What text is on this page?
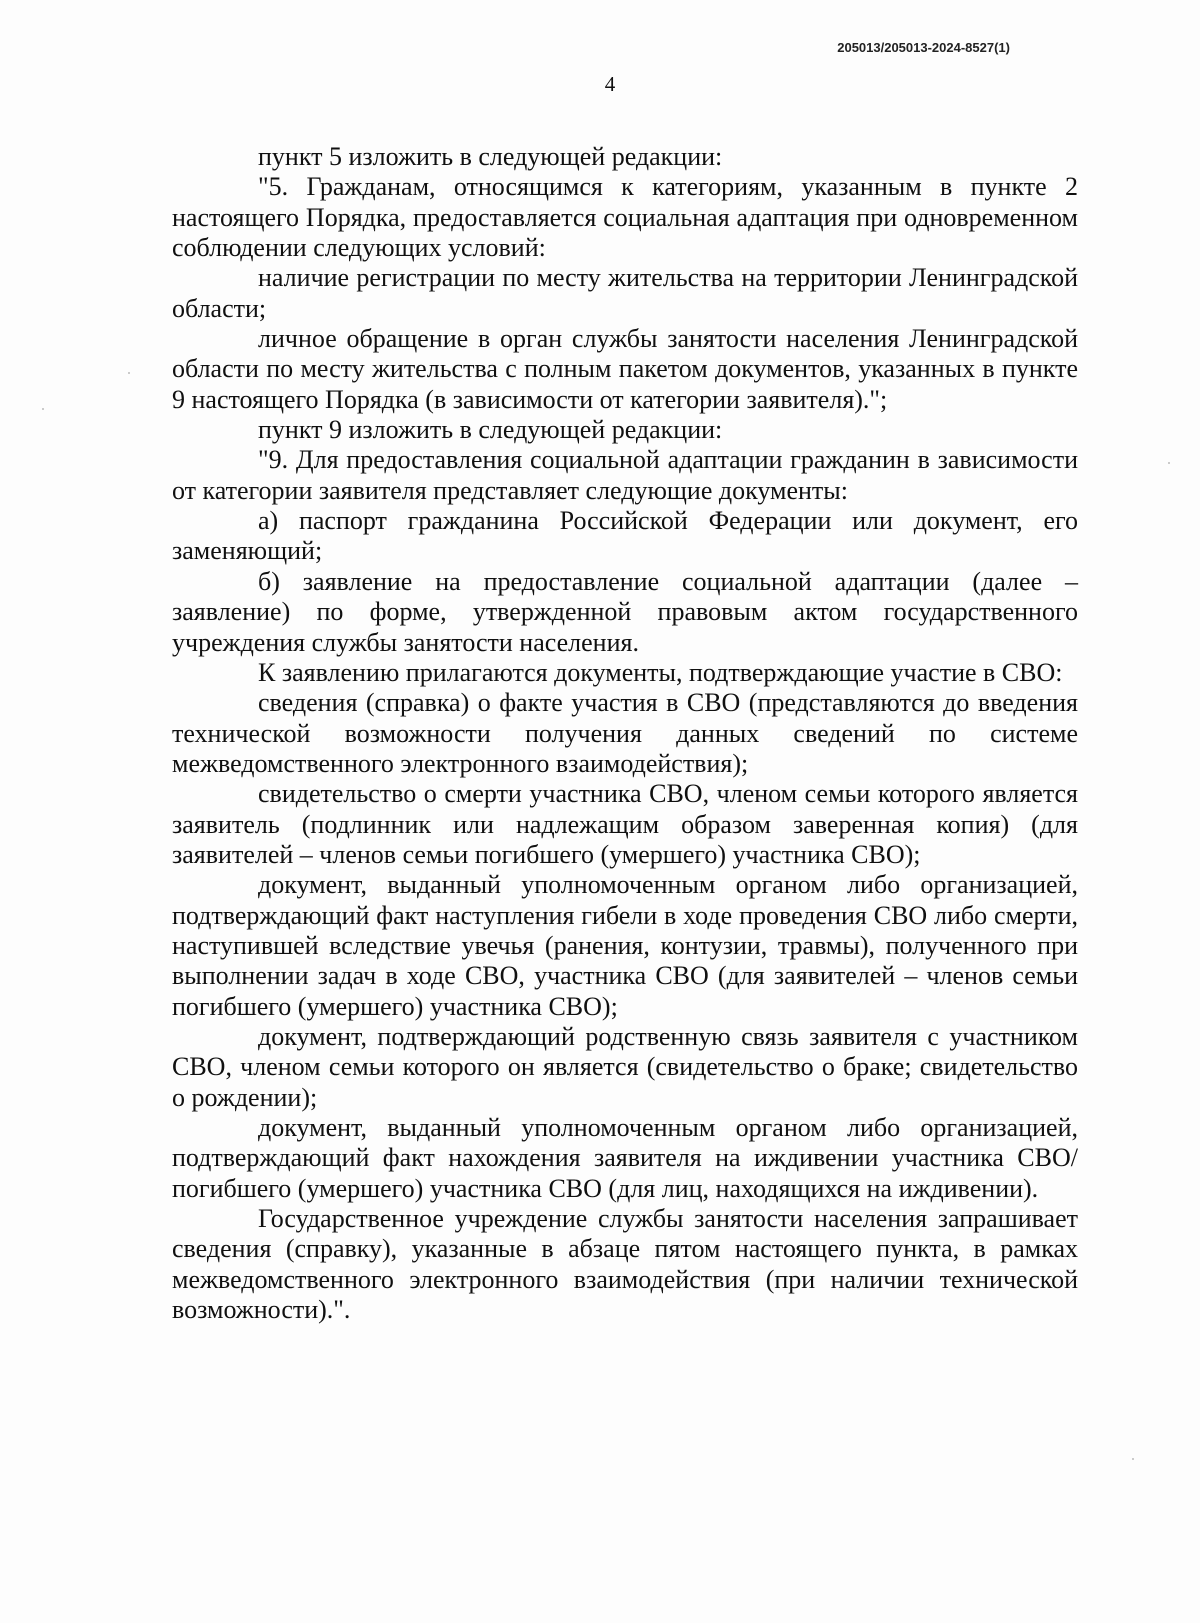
205013/205013-2024-8527(1)
4

пункт 5 изложить в следующей редакции:

"5. Гражданам, относящимся к категориям, указанным в пункте 2 настоящего Порядка, предоставляется социальная адаптация при одновременном соблюдении следующих условий:

наличие регистрации по месту жительства на территории Ленинградской области;

личное обращение в орган службы занятости населения Ленинградской области по месту жительства с полным пакетом документов, указанных в пункте 9 настоящего Порядка (в зависимости от категории заявителя).";

пункт 9 изложить в следующей редакции:

"9. Для предоставления социальной адаптации гражданин в зависимости от категории заявителя представляет следующие документы:

а) паспорт гражданина Российской Федерации или документ, его заменяющий;

б) заявление на предоставление социальной адаптации (далее – заявление) по форме, утвержденной правовым актом государственного учреждения службы занятости населения.

К заявлению прилагаются документы, подтверждающие участие в СВО:

сведения (справка) о факте участия в СВО (представляются до введения технической возможности получения данных сведений по системе межведомственного электронного взаимодействия);

свидетельство о смерти участника СВО, членом семьи которого является заявитель (подлинник или надлежащим образом заверенная копия) (для заявителей – членов семьи погибшего (умершего) участника СВО);

документ, выданный уполномоченным органом либо организацией, подтверждающий факт наступления гибели в ходе проведения СВО либо смерти, наступившей вследствие увечья (ранения, контузии, травмы), полученного при выполнении задач в ходе СВО, участника СВО (для заявителей – членов семьи погибшего (умершего) участника СВО);

документ, подтверждающий родственную связь заявителя с участником СВО, членом семьи которого он является (свидетельство о браке; свидетельство о рождении);

документ, выданный уполномоченным органом либо организацией, подтверждающий факт нахождения заявителя на иждивении участника СВО/погибшего (умершего) участника СВО (для лиц, находящихся на иждивении).

Государственное учреждение службы занятости населения запрашивает сведения (справку), указанные в абзаце пятом настоящего пункта, в рамках межведомственного электронного взаимодействия (при наличии технической возможности).".
